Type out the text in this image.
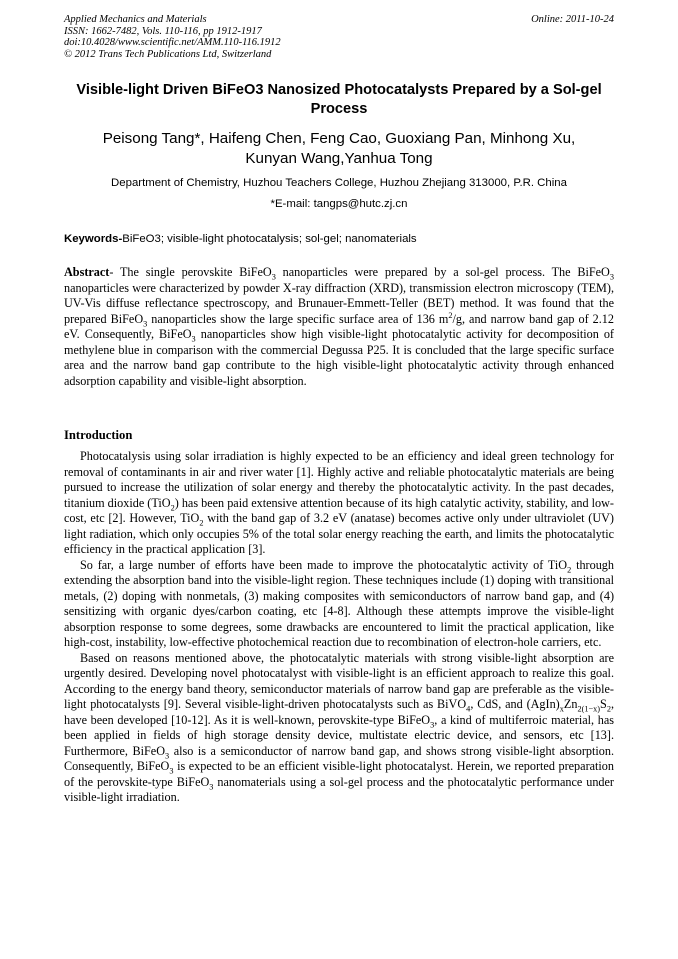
Applied Mechanics and Materials
ISSN: 1662-7482, Vols. 110-116, pp 1912-1917
doi:10.4028/www.scientific.net/AMM.110-116.1912
© 2012 Trans Tech Publications Ltd, Switzerland
Online: 2011-10-24
Visible-light Driven BiFeO3 Nanosized Photocatalysts Prepared by a Sol-gel Process
Peisong Tang*, Haifeng Chen, Feng Cao, Guoxiang Pan, Minhong Xu,
Kunyan Wang,Yanhua Tong
Department of Chemistry, Huzhou Teachers College, Huzhou Zhejiang 313000, P.R. China
*E-mail: tangps@hutc.zj.cn
Keywords-BiFeO3; visible-light photocatalysis; sol-gel; nanomaterials
Abstract- The single perovskite BiFeO$_3$ nanoparticles were prepared by a sol-gel process. The BiFeO$_3$ nanoparticles were characterized by powder X-ray diffraction (XRD), transmission electron microscopy (TEM), UV-Vis diffuse reflectance spectroscopy, and Brunauer-Emmett-Teller (BET) method. It was found that the prepared BiFeO$_3$ nanoparticles show the large specific surface area of 136 $m^2/g$, and narrow band gap of 2.12 eV. Consequently, BiFeO$_3$ nanoparticles show high visible-light photocatalytic activity for decomposition of methylene blue in comparison with the commercial Degussa P25. It is concluded that the large specific surface area and the narrow band gap contribute to the high visible-light photocatalytic activity through enhanced adsorption capability and visible-light absorption.
Introduction

Photocatalysis using solar irradiation is highly expected to be an efficiency and ideal green technology for removal of contaminants in air and river water [1]. Highly active and reliable photocatalytic materials are being pursued to increase the utilization of solar energy and thereby the photocatalytic activity. In the past decades, titanium dioxide (TiO$_2$) has been paid extensive attention because of its high catalytic activity, stability, and low-cost, etc [2]. However, TiO$_2$ with the band gap of 3.2 eV (anatase) becomes active only under ultraviolet (UV) light radiation, which only occupies 5% of the total solar energy reaching the earth, and limits the photocatalytic efficiency in the practical application [3].

So far, a large number of efforts have been made to improve the photocatalytic activity of TiO$_2$ through extending the absorption band into the visible-light region. These techniques include (1) doping with transitional metals, (2) doping with nonmetals, (3) making composites with semiconductors of narrow band gap, and (4) sensitizing with organic dyes/carbon coating, etc [4-8]. Although these attempts improve the visible-light absorption response to some degrees, some drawbacks are encountered to limit the practical application, like high-cost, instability, low-effective photochemical reaction due to recombination of electron-hole carriers, etc.

Based on reasons mentioned above, the photocatalytic materials with strong visible-light absorption are urgently desired. Developing novel photocatalyst with visible-light is an efficient approach to realize this goal. According to the energy band theory, semiconductor materials of narrow band gap are preferable as the visible-light photocatalysts [9]. Several visible-light-driven photocatalysts such as BiVO$_4$, CdS, and $(AgIn)_xZn_{2(1-x)}S_2$, have been developed [10-12]. As it is well-known, perovskite-type BiFeO$_3$, a kind of multiferroic material, has been applied in fields of high storage density device, multistate electric device, and sensors, etc [13]. Furthermore, BiFeO$_3$ also is a semiconductor of narrow band gap, and shows strong visible-light absorption. Consequently, BiFeO$_3$ is expected to be an efficient visible-light photocatalyst. Herein, we reported preparation of the perovskite-type BiFeO$_3$ nanomaterials using a sol-gel process and the photocatalytic performance under visible-light irradiation.
